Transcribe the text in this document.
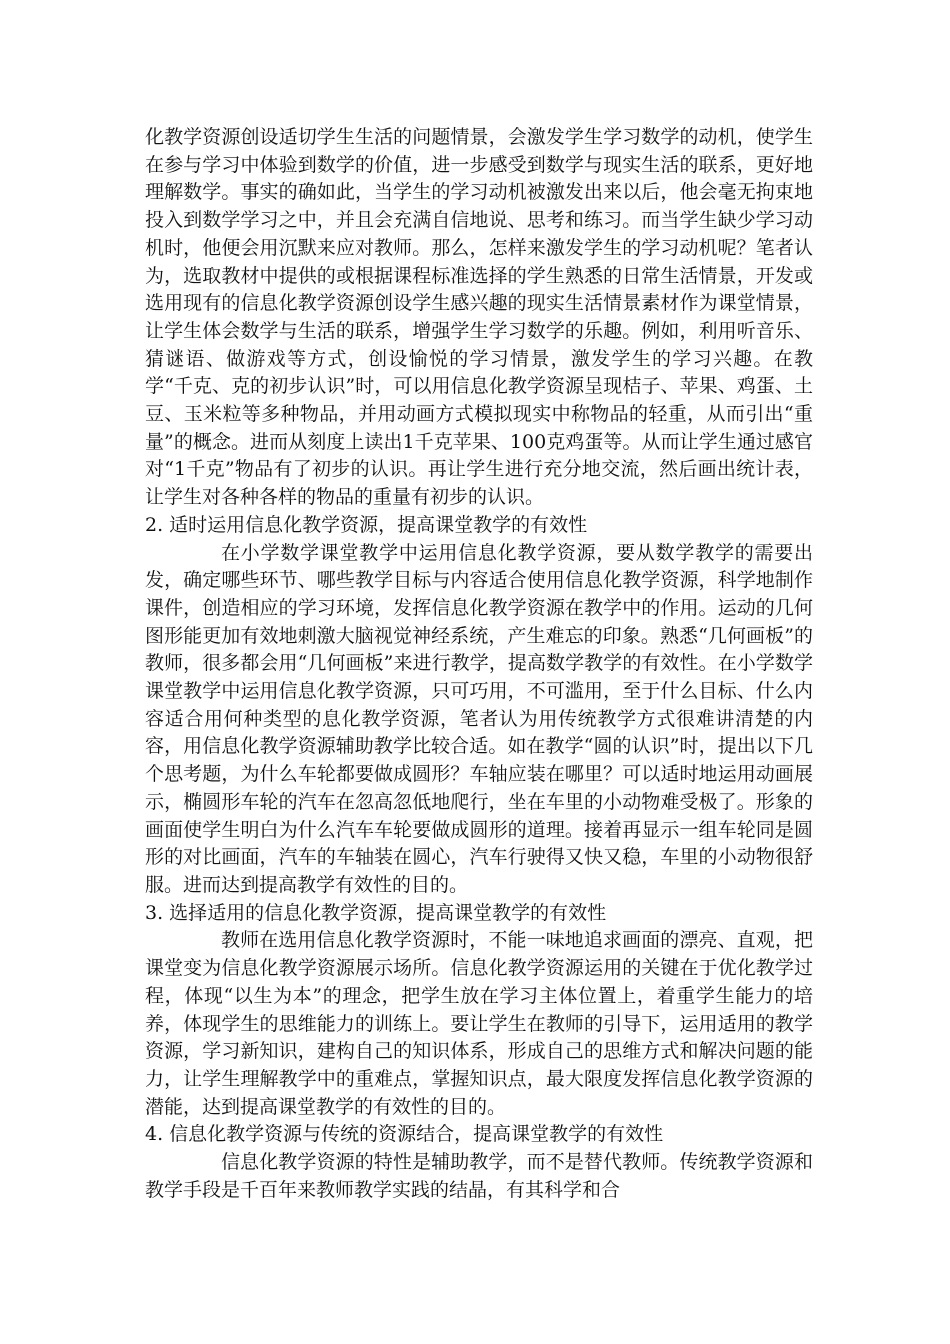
化教学资源创设适切学生生活的问题情景，会激发学生学习数学的动机，使学生在参与学习中体验到数学的价值，进一步感受到数学与现实生活的联系，更好地理解数学。事实的确如此，当学生的学习动机被激发出来以后，他会毫无拘束地投入到数学学习之中，并且会充满自信地说、思考和练习。而当学生缺少学习动机时，他便会用沉默来应对教师。那么，怎样来激发学生的学习动机呢？笔者认为，选取教材中提供的或根据课程标准选择的学生熟悉的日常生活情景，开发或选用现有的信息化教学资源创设学生感兴趣的现实生活情景素材作为课堂情景，让学生体会数学与生活的联系，增强学生学习数学的乐趣。例如，利用听音乐、猜谜语、做游戏等方式，创设愉悦的学习情景，激发学生的学习兴趣。在教学“千克、克的初步认识”时，可以用信息化教学资源呈现桔子、苹果、鸡蛋、土豆、玉米粒等多种物品，并用动画方式模拟现实中称物品的轻重，从而引出“重量”的概念。进而从刻度上读出1千克苹果、100克鸡蛋等。从而让学生通过感官对“1千克”物品有了初步的认识。再让学生进行充分地交流，然后画出统计表，让学生对各种各样的物品的重量有初步的认识。

2. 适时运用信息化教学资源，提高课堂教学的有效性

在小学数学课堂教学中运用信息化教学资源，要从数学教学的需要出发，确定哪些环节、哪些教学目标与内容适合使用信息化教学资源，科学地制作课件，创造相应的学习环境，发挥信息化教学资源在教学中的作用。运动的几何图形能更加有效地刺激大脑视觉神经系统，产生难忘的印象。熟悉“几何画板”的教师，很多都会用“几何画板”来进行教学，提高数学教学的有效性。在小学数学课堂教学中运用信息化教学资源，只可巧用，不可滥用，至于什么目标、什么内容适合用何种类型的息化教学资源，笔者认为用传统教学方式很难讲清楚的内容，用信息化教学资源辅助教学比较合适。如在教学“圆的认识”时，提出以下几个思考题，为什么车轮都要做成圆形？车轴应装在哪里？可以适时地运用动画展示，椭圆形车轮的汽车在忽高忽低地爬行，坐在车里的小动物难受极了。形象的画面使学生明白为什么汽车车轮要做成圆形的道理。接着再显示一组车轮同是圆形的对比画面，汽车的车轴装在圆心，汽车行驶得又快又稳，车里的小动物很舒服。进而达到提高教学有效性的目的。

3. 选择适用的信息化教学资源，提高课堂教学的有效性

教师在选用信息化教学资源时，不能一味地追求画面的漂亮、直观，把课堂变为信息化教学资源展示场所。信息化教学资源运用的关键在于优化教学过程，体现“以生为本”的理念，把学生放在学习主体位置上，着重学生能力的培养，体现学生的思维能力的训练上。要让学生在教师的引导下，运用适用的教学资源，学习新知识，建构自己的知识体系，形成自己的思维方式和解决问题的能力，让学生理解教学中的重难点，掌握知识点，最大限度发挥信息化教学资源的潜能，达到提高课堂教学的有效性的目的。

4. 信息化教学资源与传统的资源结合，提高课堂教学的有效性

信息化教学资源的特性是辅助教学，而不是替代教师。传统教学资源和教学手段是千百年来教师教学实践的结晶，有其科学和合
